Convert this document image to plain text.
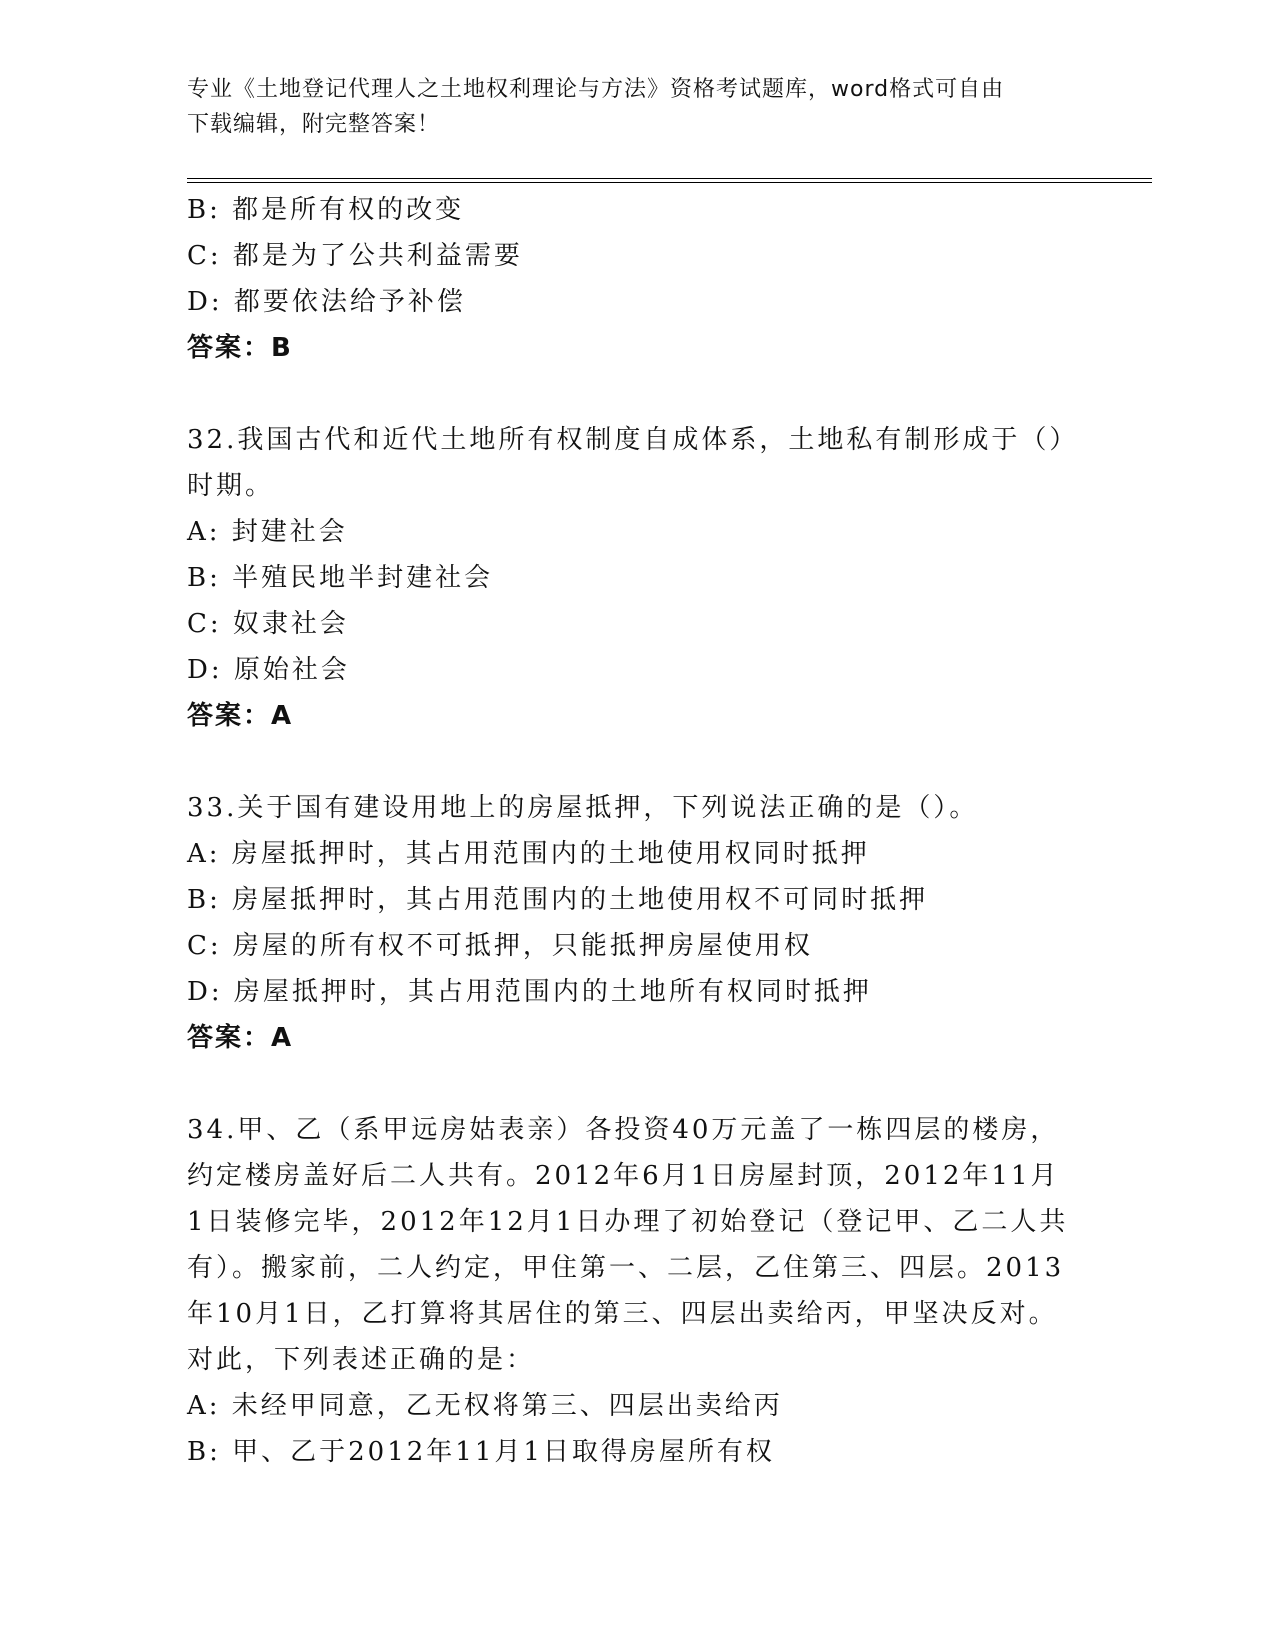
专业《土地登记代理人之土地权利理论与方法》资格考试题库，word格式可自由
下载编辑，附完整答案！
B: 都是所有权的改变
C: 都是为了公共利益需要
D: 都要依法给予补偿
答案：B
32.我国古代和近代土地所有权制度自成体系，土地私有制形成于（）
时期。
A: 封建社会
B: 半殖民地半封建社会
C: 奴隶社会
D: 原始社会
答案：A
33.关于国有建设用地上的房屋抵押，下列说法正确的是（）。
A: 房屋抵押时，其占用范围内的土地使用权同时抵押
B: 房屋抵押时，其占用范围内的土地使用权不可同时抵押
C: 房屋的所有权不可抵押，只能抵押房屋使用权
D: 房屋抵押时，其占用范围内的土地所有权同时抵押
答案：A
34.甲、乙（系甲远房姑表亲）各投资40万元盖了一栋四层的楼房，
约定楼房盖好后二人共有。2012年6月1日房屋封顶，2012年11月
1日装修完毕，2012年12月1日办理了初始登记（登记甲、乙二人共
有）。搬家前，二人约定，甲住第一、二层，乙住第三、四层。2013
年10月1日，乙打算将其居住的第三、四层出卖给丙，甲坚决反对。
对此，下列表述正确的是：
A: 未经甲同意，乙无权将第三、四层出卖给丙
B: 甲、乙于2012年11月1日取得房屋所有权
